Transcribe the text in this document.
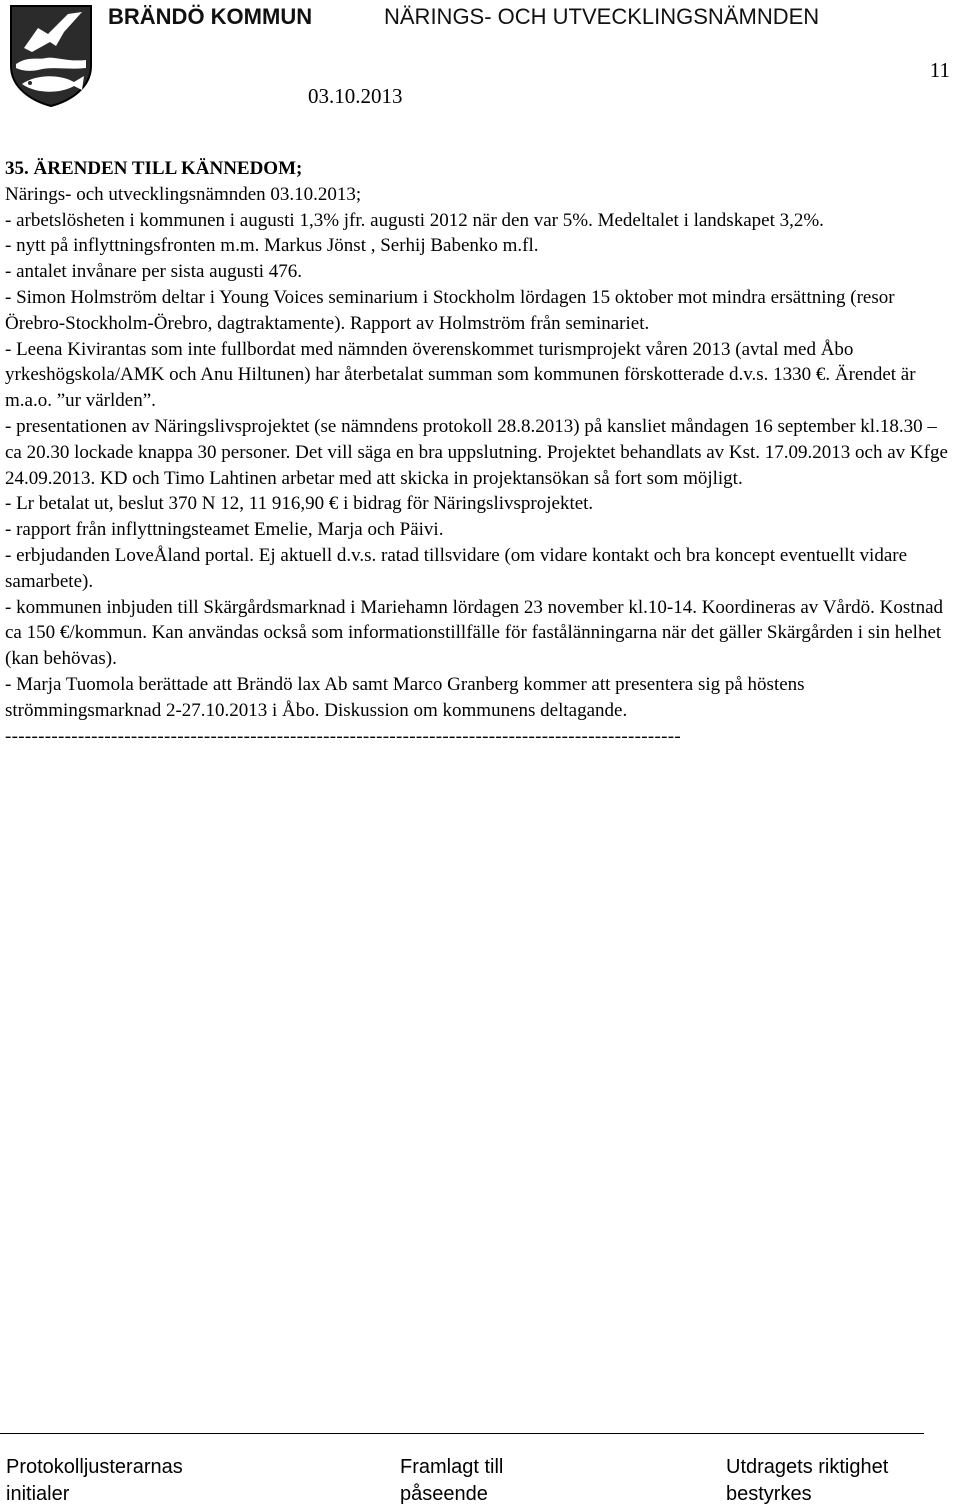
BRÄNDÖ KOMMUN	NÄRINGS- OCH UTVECKLINGSNÄMNDEN
11
03.10.2013
35. ÄRENDEN TILL KÄNNEDOM;
Närings- och utvecklingsnämnden 03.10.2013;
- arbetslösheten i kommunen i augusti 1,3% jfr. augusti 2012 när den var 5%. Medeltalet i landskapet 3,2%.
- nytt på inflyttningsfronten m.m. Markus Jönst , Serhij Babenko m.fl.
- antalet invånare per sista augusti 476.
- Simon Holmström deltar i Young Voices seminarium i Stockholm lördagen 15 oktober mot mindra ersättning (resor Örebro-Stockholm-Örebro, dagtraktamente). Rapport av Holmström från seminariet.
- Leena Kivirantas som inte fullbordat med nämnden överenskommet turismprojekt våren 2013 (avtal med Åbo yrkeshögskola/AMK och Anu Hiltunen) har återbetalat summan som kommunen förskotterade d.v.s. 1330 €. Ärendet är m.a.o. ”ur världen”.
- presentationen av Näringslivsprojektet (se nämndens protokoll 28.8.2013) på kansliet måndagen 16 september kl.18.30 – ca 20.30 lockade knappa 30 personer. Det vill säga en bra uppslutning. Projektet behandlats av Kst. 17.09.2013 och av Kfge 24.09.2013. KD och Timo Lahtinen arbetar med att skicka in projektansökan så fort som möjligt.
- Lr betalat ut, beslut 370 N 12, 11 916,90 € i bidrag för Näringslivsprojektet.
- rapport från inflyttningsteamet Emelie, Marja och Päivi.
- erbjudanden LoveÅland portal. Ej aktuell d.v.s. ratad tillsvidare (om vidare kontakt och bra koncept eventuellt vidare samarbete).
- kommunen inbjuden till Skärgårdsmarknad i Mariehamn lördagen 23 november kl.10-14. Koordineras av Vårdö. Kostnad ca 150 €/kommun. Kan användas också som informationstillfälle för fastålänningarna när det gäller Skärgården i sin helhet (kan behövas).
- Marja Tuomola berättade att Brändö lax Ab samt Marco Granberg kommer att presentera sig på höstens strömmingsmarknad 2-27.10.2013 i Åbo. Diskussion om kommunens deltagande.
------------------------------------------------------------------------------------------------------
Protokolljusterarnas
initialer
Framlagt till
påseende
Utdragets riktighet
bestyrkes
